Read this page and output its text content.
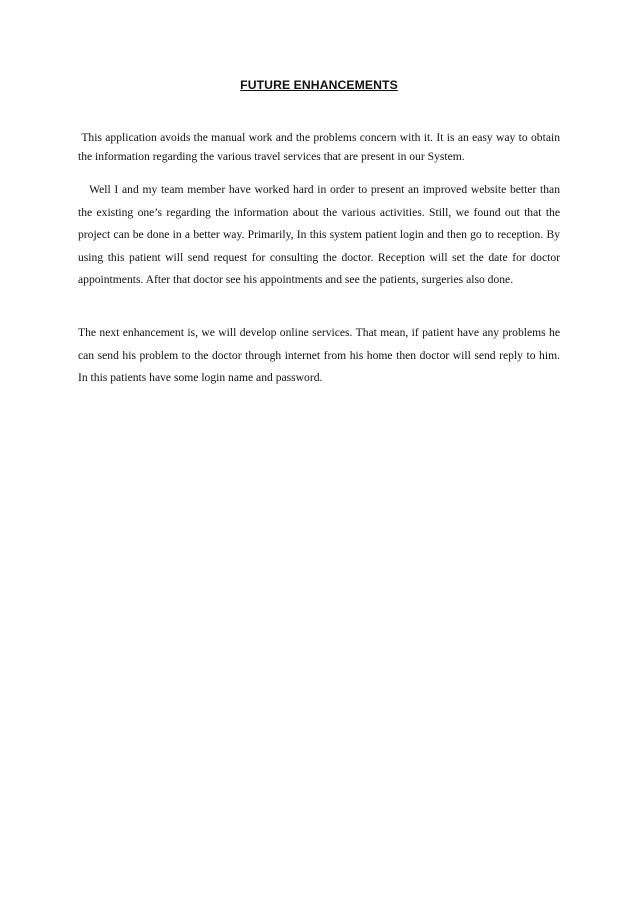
FUTURE ENHANCEMENTS

This application avoids the manual work and the problems concern with it. It is an easy way to obtain the information regarding the various travel services that are present in our System.

Well I and my team member have worked hard in order to present an improved website better than the existing one’s regarding the information about the various activities. Still, we found out that the project can be done in a better way. Primarily, In this system patient login and then go to reception. By using this patient will send request for consulting the doctor. Reception will set the date for doctor appointments. After that doctor see his appointments and see the patients, surgeries also done.

The next enhancement is, we will develop online services. That mean, if patient have any problems he can send his problem to the doctor through internet from his home then doctor will send reply to him. In this patients have some login name and password.
